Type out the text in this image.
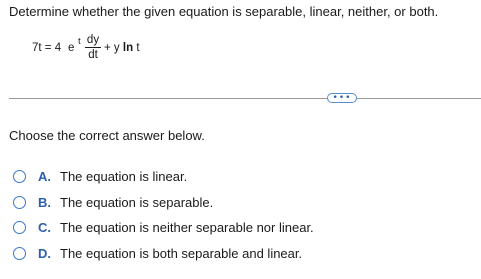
Determine whether the given equation is separable, linear, neither, or both.
7t = 4 e
t dy
dt
+ y ln t
•••

Choose the correct answer below.

A. The equation is linear.
B. The equation is separable.
C. The equation is neither separable nor linear.
D. The equation is both separable and linear.
